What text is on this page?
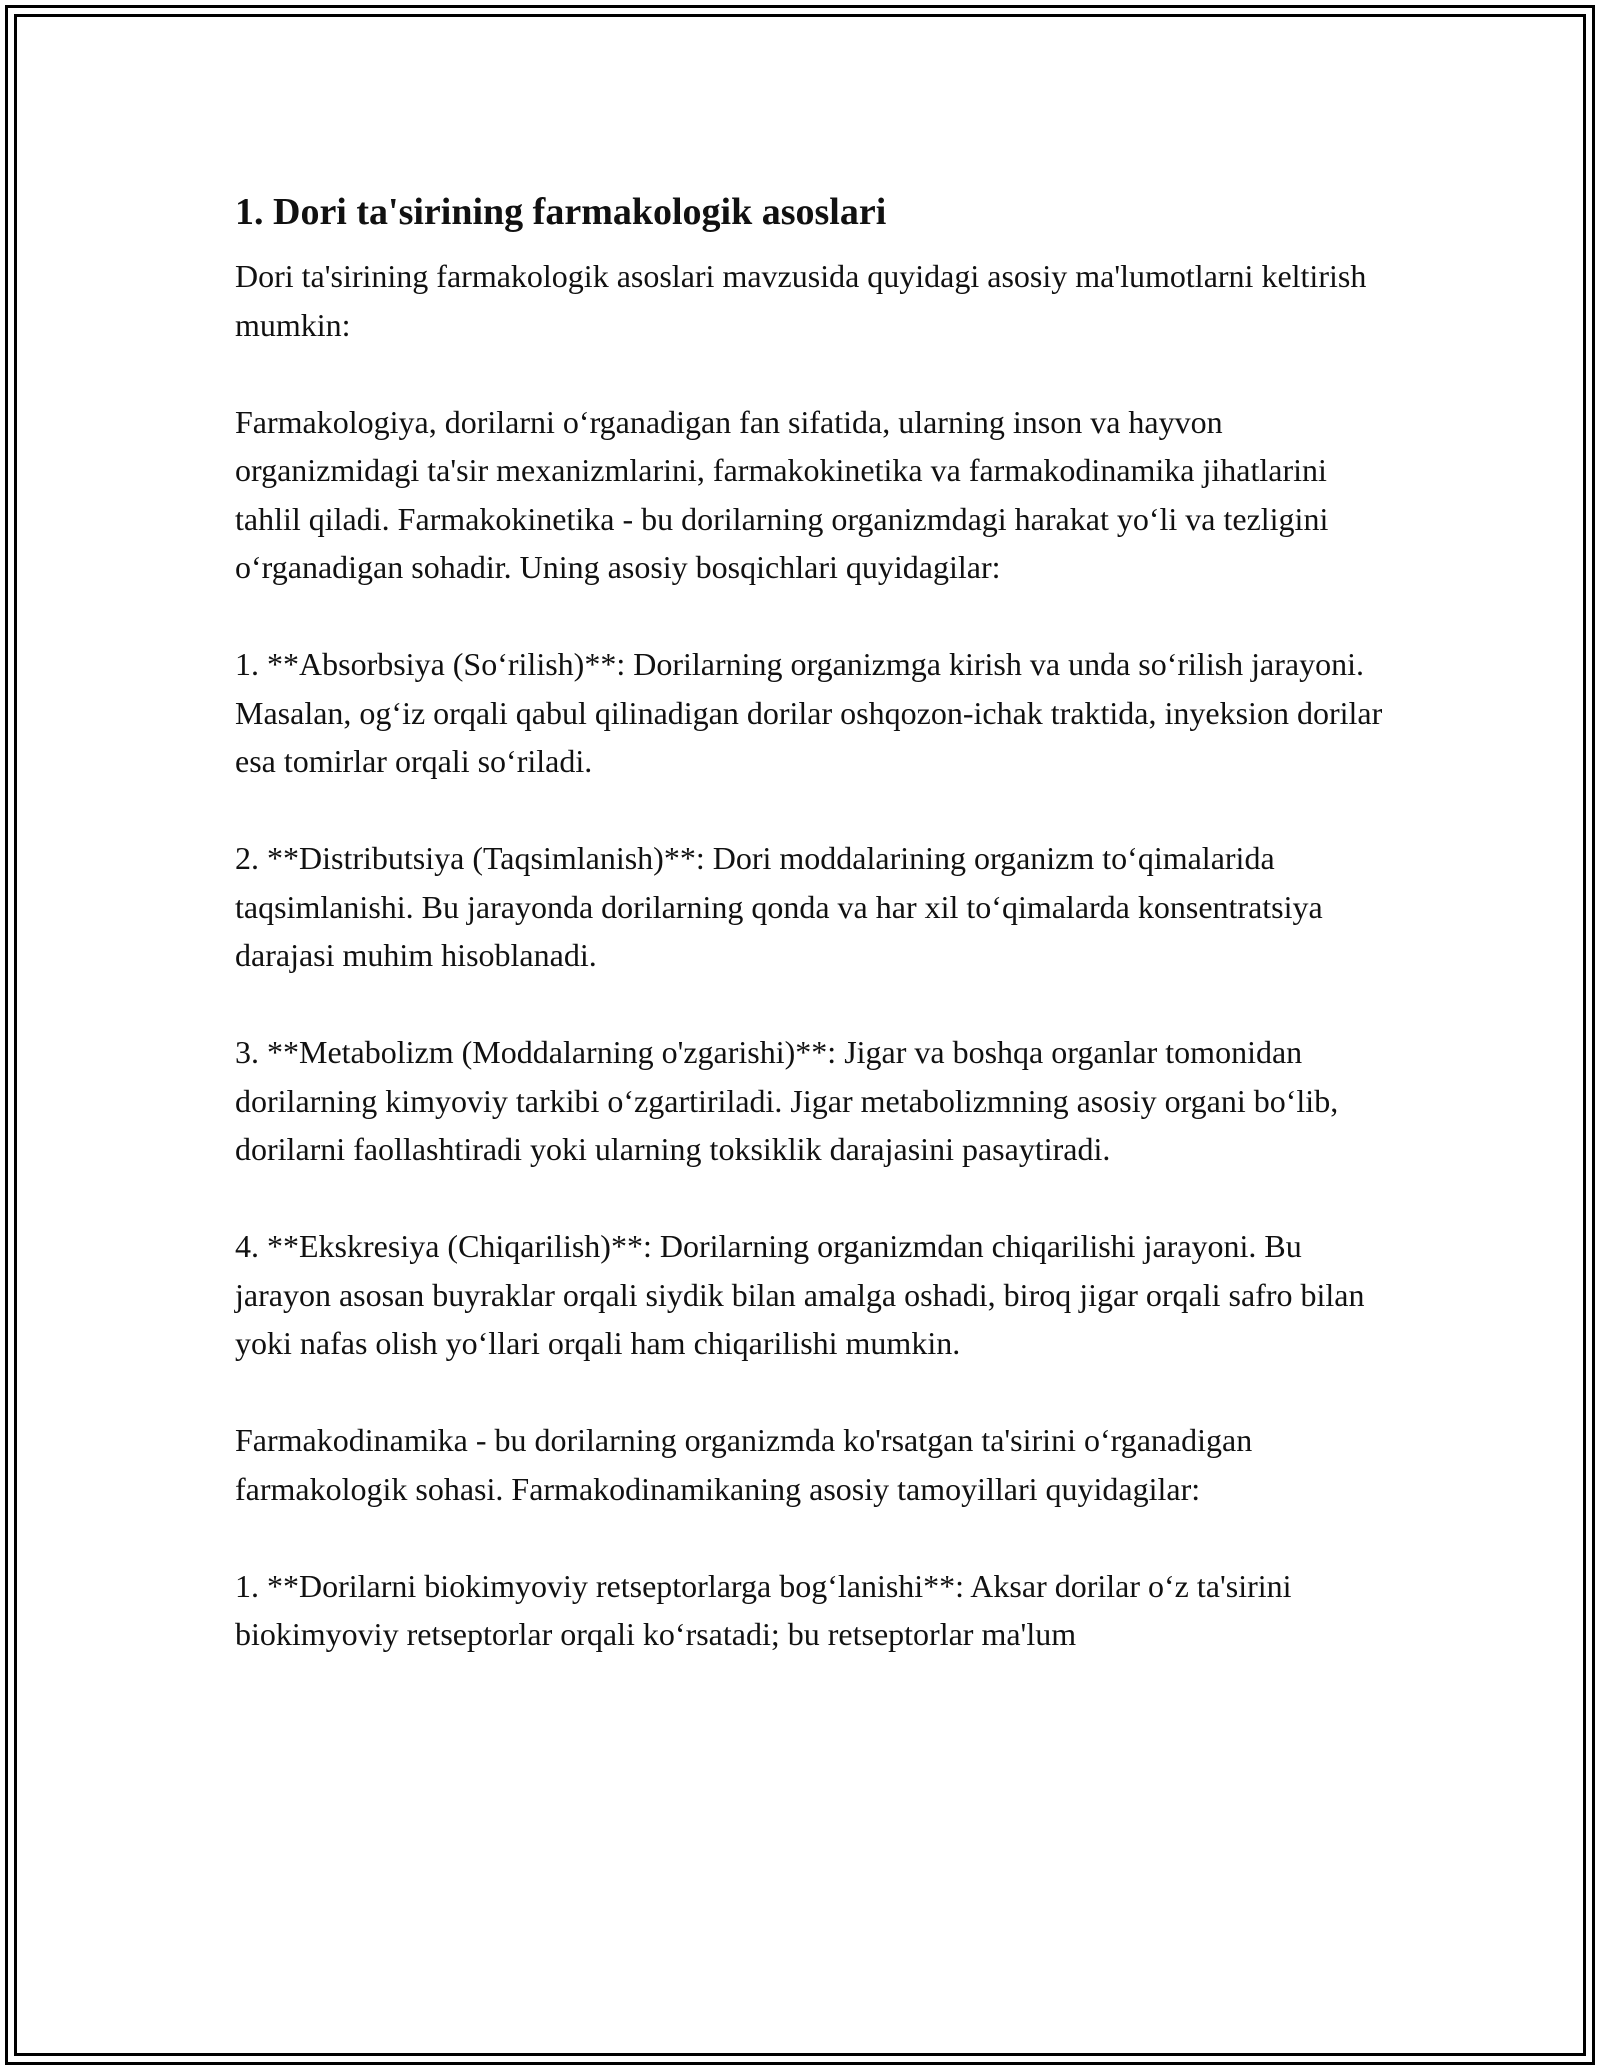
1. Dori ta'sirining farmakologik asoslari

Dori ta'sirining farmakologik asoslari mavzusida quyidagi asosiy ma'lumotlarni keltirish mumkin:

Farmakologiya, dorilarni o‘rganadigan fan sifatida, ularning inson va hayvon organizmidagi ta'sir mexanizmlarini, farmakokinetika va farmakodinamika jihatlarini tahlil qiladi. Farmakokinetika - bu dorilarning organizmdagi harakat yo‘li va tezligini o‘rganadigan sohadir. Uning asosiy bosqichlari quyidagilar:

1. **Absorbsiya (So‘rilish)**: Dorilarning organizmga kirish va unda so‘rilish jarayoni. Masalan, og‘iz orqali qabul qilinadigan dorilar oshqozon-ichak traktida, inyeksion dorilar esa tomirlar orqali so‘riladi.

2. **Distributsiya (Taqsimlanish)**: Dori moddalarining organizm to‘qimalarida taqsimlanishi. Bu jarayonda dorilarning qonda va har xil to‘qimalarda konsentratsiya darajasi muhim hisoblanadi.

3. **Metabolizm (Moddalarning o'zgarishi)**: Jigar va boshqa organlar tomonidan dorilarning kimyoviy tarkibi o‘zgartiriladi. Jigar metabolizmning asosiy organi bo‘lib, dorilarni faollashtiradi yoki ularning toksiklik darajasini pasaytiradi.

4. **Ekskresiya (Chiqarilish)**: Dorilarning organizmdan chiqarilishi jarayoni. Bu jarayon asosan buyraklar orqali siydik bilan amalga oshadi, biroq jigar orqali safro bilan yoki nafas olish yo‘llari orqali ham chiqarilishi mumkin.

Farmakodinamika - bu dorilarning organizmda ko'rsatgan ta'sirini o‘rganadigan farmakologik sohasi. Farmakodinamikaning asosiy tamoyillari quyidagilar:

1. **Dorilarni biokimyoviy retseptorlarga bog‘lanishi**: Aksar dorilar o‘z ta'sirini biokimyoviy retseptorlar orqali ko‘rsatadi; bu retseptorlar ma'lum
